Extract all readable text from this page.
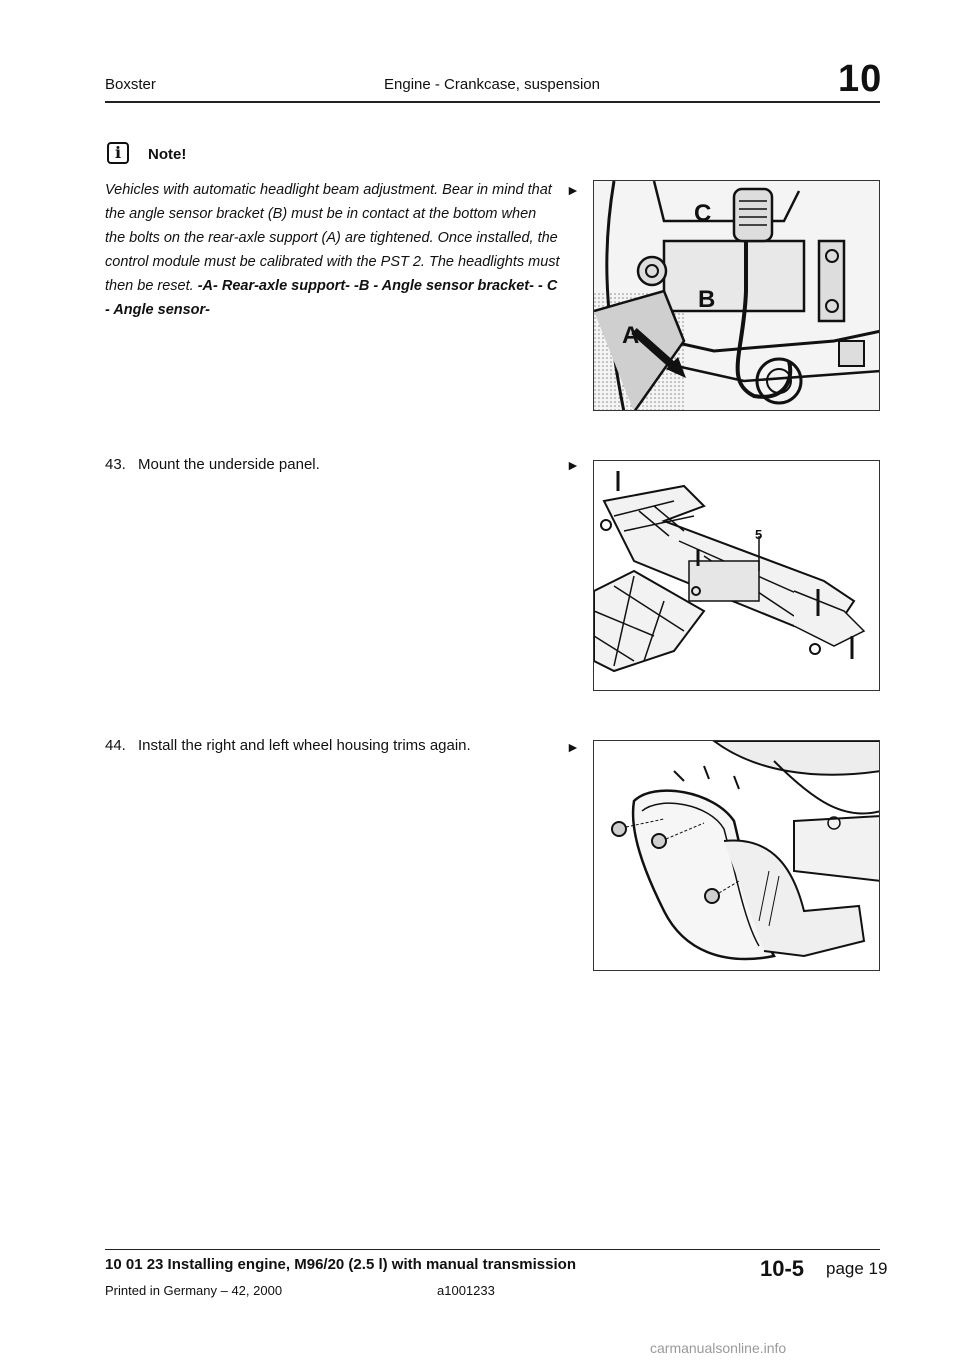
Boxster	Engine - Crankcase, suspension	10
i	Note!
Vehicles with automatic headlight beam adjustment. Bear in mind that the angle sensor bracket (B) must be in contact at the bottom when the bolts on the rear-axle support (A) are tightened. Once installed, the control module must be calibrated with the PST 2. The headlights must then be reset. -A- Rear-axle support- -B - Angle sensor bracket- - C - Angle sensor-
►
A
B
C
43. Mount the underside panel.	►
5
44. Install the right and left wheel housing trims again.	►
10 01 23 Installing engine, M96/20 (2.5 l) with manual transmission	10-5 page 19
Printed in Germany – 42, 2000	a1001233
carmanualsonline.info
